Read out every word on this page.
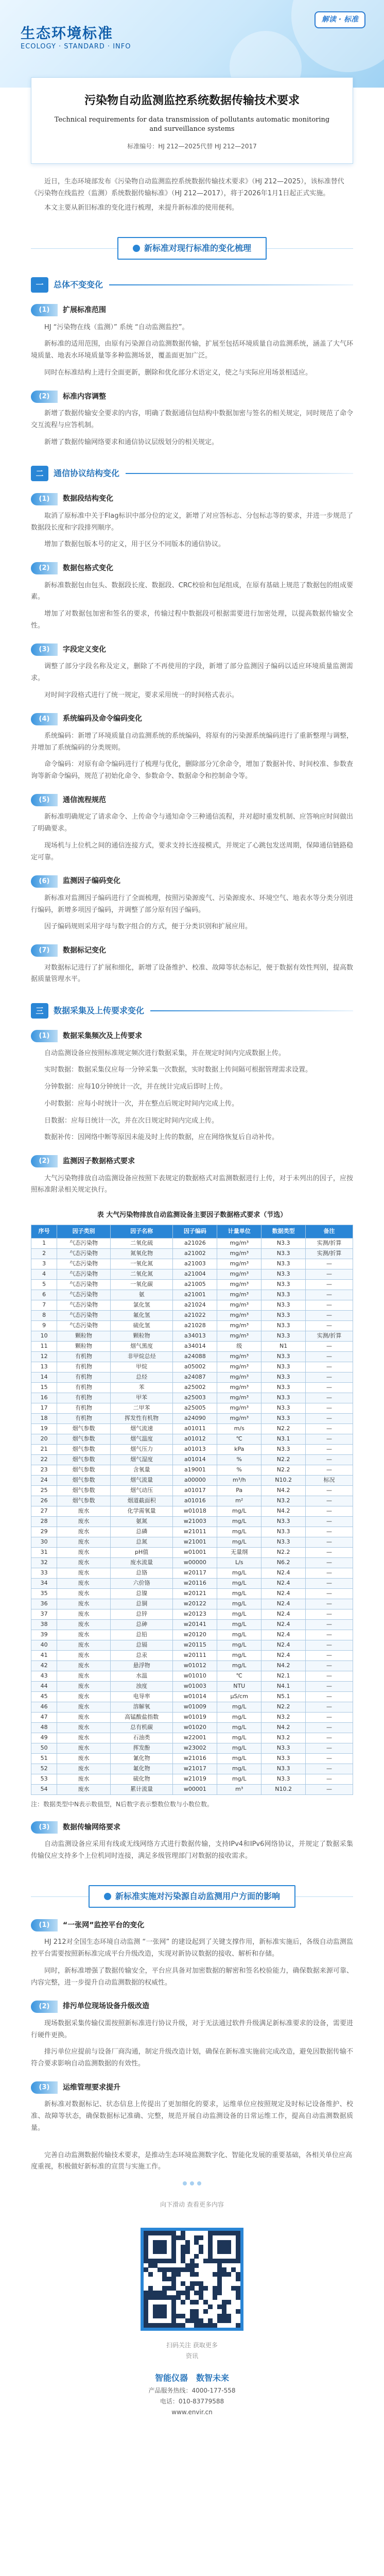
生态环境标准
ECOLOGY · STANDARD · INFO
解读 · 标准
污染物自动监测监控系统数据传输技术要求
Technical requirements for data transmission of pollutants automatic monitoring and surveillance systems
标准编号：HJ 212—2025代替 HJ 212—2017

近日，生态环境部发布《污染物自动监测监控系统数据传输技术要求》（HJ 212—2025），该标准替代《污染物在线监控（监测）系统数据传输标准》（HJ 212—2017），将于2026年1月1日起正式实施。

本文主要从新旧标准的变化进行梳理，来提升新标准的使用便利。

新标准对现行标准的变化梳理
一	总体不变变化
(1)	扩展标准范围

HJ “污染物在线（监测）” 系统 “自动监测监控”。

新标准的适用范围，由原有污染源自动监测数据传输，扩展至包括环境质量自动监测系统，涵盖了大气环境质量、地表水环境质量等多种监测场景，覆盖面更加广泛。

同时在标准结构上进行全面更新，删除和优化部分术语定义，使之与实际应用场景相适应。

(2)	标准内容调整

新增了数据传输安全要求的内容，明确了数据通信包结构中数据加密与签名的相关规定，同时规范了命令交互流程与应答机制。

新增了数据传输网络要求和通信协议层级划分的相关规定。

二	通信协议结构变化
(1)	数据段结构变化

取消了原标准中关于Flag标识中部分位的定义，新增了对应答标志、分包标志等的要求，并进一步规范了数据段长度和字段排列顺序。

增加了数据包版本号的定义，用于区分不同版本的通信协议。

(2)	数据包格式变化

新标准数据包由包头、数据段长度、数据段、CRC校验和包尾组成，在原有基础上规范了数据包的组成要素。

增加了对数据包加密和签名的要求，传输过程中数据段可根据需要进行加密处理，以提高数据传输安全性。

(3)	字段定义变化

调整了部分字段名称及定义，删除了不再使用的字段，新增了部分监测因子编码以适应环境质量监测需求。

对时间字段格式进行了统一规定，要求采用统一的时间格式表示。

(4)	系统编码及命令编码变化

系统编码：新增了环境质量自动监测系统的系统编码，将原有的污染源系统编码进行了重新整理与调整，并增加了系统编码的分类规则。

命令编码：对原有命令编码进行了梳理与优化，删除部分冗余命令，增加了数据补传、时间校准、参数查询等新命令编码，规范了初始化命令、参数命令、数据命令和控制命令等。

(5)	通信流程规范

新标准明确规定了请求命令、上传命令与通知命令三种通信流程，并对超时重发机制、应答响应时间做出了明确要求。

现场机与上位机之间的通信连接方式，要求支持长连接模式，并规定了心跳包发送周期，保障通信链路稳定可靠。

(6)	监测因子编码变化

新标准对监测因子编码进行了全面梳理，按照污染源废气、污染源废水、环境空气、地表水等分类分别进行编码，新增多项因子编码，并调整了部分原有因子编码。

因子编码规则采用字母与数字组合的方式，便于分类识别和扩展应用。

(7)	数据标记变化

对数据标记进行了扩展和细化，新增了设备维护、校准、故障等状态标记，便于数据有效性判别，提高数据质量管理水平。

三	数据采集及上传要求变化
(1)	数据采集频次及上传要求

自动监测设备应按照标准规定频次进行数据采集，并在规定时间内完成数据上传。

实时数据：数据采集仪应每一分钟采集一次数据，实时数据上传间隔可根据管理需求设置。

分钟数据：应每10分钟统计一次，并在统计完成后即时上传。

小时数据：应每小时统计一次，并在整点后规定时间内完成上传。

日数据：应每日统计一次，并在次日规定时间内完成上传。

数据补传：因网络中断等原因未能及时上传的数据，应在网络恢复后自动补传。

(2)	监测因子数据格式要求

大气污染物排放自动监测设备应按照下表规定的数据格式对监测数据进行上传，对于未列出的因子，应按照标准附录相关规定执行。

表 大气污染物排放自动监测设备主要因子数据格式要求（节选）
序号	因子类别	因子名称	因子编码	计量单位	数据类型	备注
1	气态污染物	二氧化硫	a21026	mg/m³	N3.3	实测/折算
2	气态污染物	氮氧化物	a21002	mg/m³	N3.3	实测/折算
3	气态污染物	一氧化氮	a21003	mg/m³	N3.3	—
4	气态污染物	二氧化氮	a21004	mg/m³	N3.3	—
5	气态污染物	一氧化碳	a21005	mg/m³	N3.3	—
6	气态污染物	氨	a21001	mg/m³	N3.3	—
7	气态污染物	氯化氢	a21024	mg/m³	N3.3	—
8	气态污染物	氟化氢	a21022	mg/m³	N3.3	—
9	气态污染物	硫化氢	a21028	mg/m³	N3.3	—
10	颗粒物	颗粒物	a34013	mg/m³	N3.3	实测/折算
11	颗粒物	烟气黑度	a34014	级	N1	—
12	有机物	非甲烷总烃	a24088	mg/m³	N3.3	—
13	有机物	甲烷	a05002	mg/m³	N3.3	—
14	有机物	总烃	a24087	mg/m³	N3.3	—
15	有机物	苯	a25002	mg/m³	N3.3	—
16	有机物	甲苯	a25003	mg/m³	N3.3	—
17	有机物	二甲苯	a25005	mg/m³	N3.3	—
18	有机物	挥发性有机物	a24090	mg/m³	N3.3	—
19	烟气参数	烟气流速	a01011	m/s	N2.2	—
20	烟气参数	烟气温度	a01012	℃	N3.1	—
21	烟气参数	烟气压力	a01013	kPa	N3.3	—
22	烟气参数	烟气湿度	a01014	%	N2.2	—
23	烟气参数	含氧量	a19001	%	N2.2	—
24	烟气参数	烟气流量	a00000	m³/h	N10.2	标况
25	烟气参数	烟气动压	a01017	Pa	N4.2	—
26	烟气参数	烟道截面积	a01016	m²	N3.2	—
27	废水	化学需氧量	w01018	mg/L	N4.2	—
28	废水	氨氮	w21003	mg/L	N3.3	—
29	废水	总磷	w21011	mg/L	N3.3	—
30	废水	总氮	w21001	mg/L	N3.3	—
31	废水	pH值	w01001	无量纲	N2.2	—
32	废水	废水流量	w00000	L/s	N6.2	—
33	废水	总铬	w20117	mg/L	N2.4	—
34	废水	六价铬	w20116	mg/L	N2.4	—
35	废水	总镍	w20121	mg/L	N2.4	—
36	废水	总铜	w20122	mg/L	N2.4	—
37	废水	总锌	w20123	mg/L	N2.4	—
38	废水	总砷	w20141	mg/L	N2.4	—
39	废水	总铅	w20120	mg/L	N2.4	—
40	废水	总镉	w20115	mg/L	N2.4	—
41	废水	总汞	w20111	mg/L	N2.4	—
42	废水	悬浮物	w01012	mg/L	N4.2	—
43	废水	水温	w01010	℃	N2.1	—
44	废水	浊度	w01003	NTU	N4.1	—
45	废水	电导率	w01014	μS/cm	N5.1	—
46	废水	溶解氧	w01009	mg/L	N2.2	—
47	废水	高锰酸盐指数	w01019	mg/L	N3.2	—
48	废水	总有机碳	w01020	mg/L	N4.2	—
49	废水	石油类	w22001	mg/L	N3.2	—
50	废水	挥发酚	w23002	mg/L	N3.3	—
51	废水	氰化物	w21016	mg/L	N3.3	—
52	废水	氟化物	w21017	mg/L	N3.3	—
53	废水	硫化物	w21019	mg/L	N3.3	—
54	废水	累计流量	w00001	m³	N10.2	—

注：数据类型中N表示数值型，N后数字表示整数位数与小数位数。

(3)	数据传输网络要求

自动监测设备应采用有线或无线网络方式进行数据传输，支持IPv4和IPv6网络协议，并规定了数据采集传输仪应支持多个上位机同时连接，满足多级管理部门对数据的接收需求。

新标准实施对污染源自动监测用户方面的影响
(1)	“一张网”监控平台的变化

HJ 212对全国生态环境自动监测 “一张网” 的建设起到了关键支撑作用，新标准实施后，各级自动监测监控平台需要按照新标准完成平台升级改造，实现对新协议数据的接收、解析和存储。

同时，新标准增强了数据传输安全，平台应具备对加密数据的解密和签名校验能力，确保数据来源可靠、内容完整，进一步提升自动监测数据的权威性。

(2)	排污单位现场设备升级改造

现场数据采集传输仪需按照新标准进行协议升级，对于无法通过软件升级满足新标准要求的设备，需要进行硬件更换。

排污单位应提前与设备厂商沟通，制定升级改造计划，确保在新标准实施前完成改造，避免因数据传输不符合要求影响自动监测数据的有效性。

(3)	运维管理要求提升

新标准对数据标记、状态信息上传提出了更加细化的要求，运维单位应按照规定及时标记设备维护、校准、故障等状态，确保数据标记准确、完整，规范开展自动监测设备的日常运维工作，提高自动监测数据质量。

完善自动监测数据传输技术要求，是推动生态环境监测数字化、智能化发展的重要基础，各相关单位应高度重视，积极做好新标准的宣贯与实施工作。

向下滑动 查看更多内容
扫码关注 获取更多资讯
智能仪器　数智未来
产品服务热线：4000-177-558
电话：010-83779588
www.envir.cn
